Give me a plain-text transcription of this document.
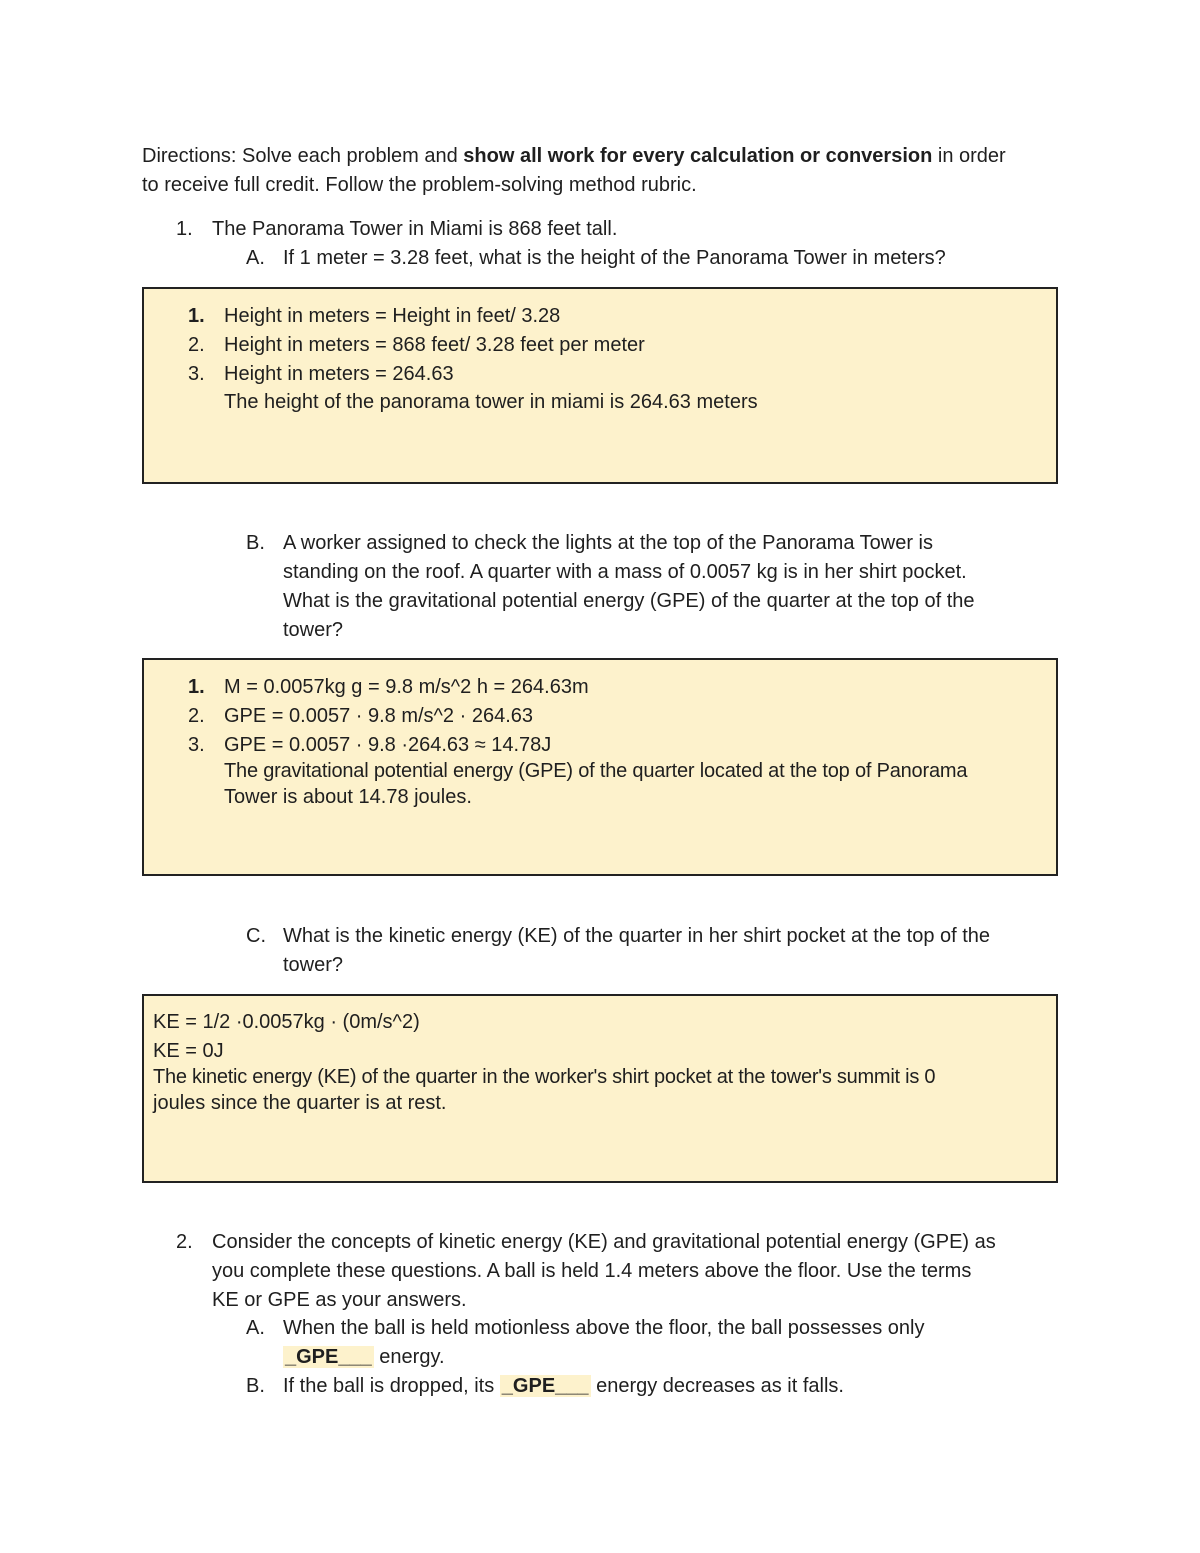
Directions: Solve each problem and show all work for every calculation or conversion in order
to receive full credit. Follow the problem-solving method rubric.
1. The Panorama Tower in Miami is 868 feet tall.
A. If 1 meter = 3.28 feet, what is the height of the Panorama Tower in meters?
1. Height in meters = Height in feet/ 3.28
2. Height in meters = 868 feet/ 3.28 feet per meter
3. Height in meters = 264.63
The height of the panorama tower in miami is 264.63 meters
B. A worker assigned to check the lights at the top of the Panorama Tower is
standing on the roof. A quarter with a mass of 0.0057 kg is in her shirt pocket.
What is the gravitational potential energy (GPE) of the quarter at the top of the
tower?
1. M = 0.0057kg g = 9.8 m/s^2 h = 264.63m
2. GPE = 0.0057 · 9.8 m/s^2 · 264.63
3. GPE = 0.0057 · 9.8 ·264.63 ≈ 14.78J
The gravitational potential energy (GPE) of the quarter located at the top of Panorama
Tower is about 14.78 joules.
C. What is the kinetic energy (KE) of the quarter in her shirt pocket at the top of the
tower?
KE = 1/2 ·0.0057kg · (0m/s^2)
KE = 0J
The kinetic energy (KE) of the quarter in the worker's shirt pocket at the tower's summit is 0
joules since the quarter is at rest.
2. Consider the concepts of kinetic energy (KE) and gravitational potential energy (GPE) as
you complete these questions. A ball is held 1.4 meters above the floor. Use the terms
KE or GPE as your answers.
A. When the ball is held motionless above the floor, the ball possesses only
_GPE___ energy.
B. If the ball is dropped, its _GPE___ energy decreases as it falls.
